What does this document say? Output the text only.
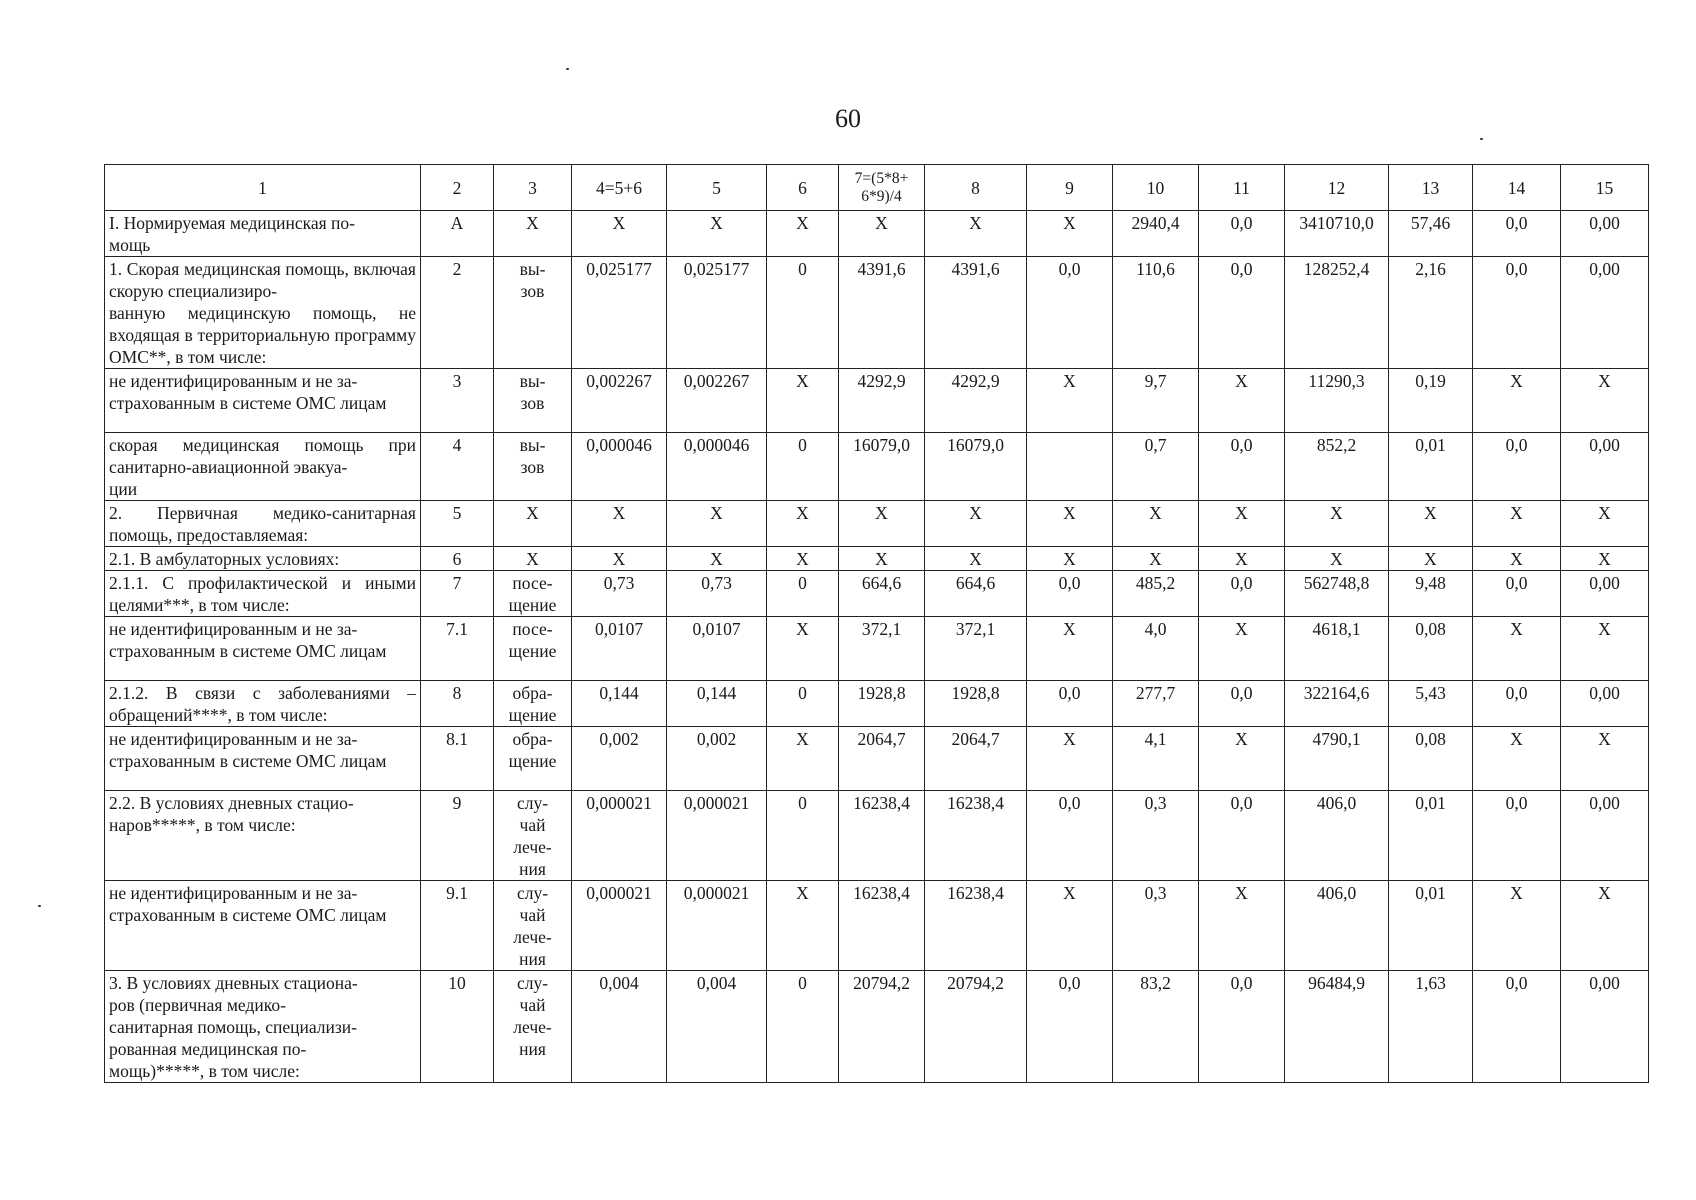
60
1	2	3	4=5+6	5	6	7=(5*8+
6*9)/4	8	9	10	11	12	13	14	15
I. Нормируемая медицинская по-
мощь	А	Х	Х	Х	Х	Х	Х	Х	2940,4	0,0	3410710,0	57,46	0,0	0,00
1. Скорая медицинская помощь, включая скорую специализиро-
ванную медицинскую помощь, не входящая в территориальную программу ОМС**, в том числе:	2	вы-
зов	0,025177	0,025177	0	4391,6	4391,6	0,0	110,6	0,0	128252,4	2,16	0,0	0,00
не идентифицированным и не за-
страхованным в системе ОМС лицам	3	вы-
зов	0,002267	0,002267	Х	4292,9	4292,9	Х	9,7	Х	11290,3	0,19	Х	Х
скорая медицинская помощь при санитарно-авиационной эвакуа-
ции	4	вы-
зов	0,000046	0,000046	0	16079,0	16079,0		0,7	0,0	852,2	0,01	0,0	0,00
2. Первичная медико-санитарная помощь, предоставляемая:	5	Х	Х	Х	Х	Х	Х	Х	Х	Х	Х	Х	Х	Х
2.1. В амбулаторных условиях:	6	Х	Х	Х	Х	Х	Х	Х	Х	Х	Х	Х	Х	Х
2.1.1. С профилактической и иными целями***, в том числе:	7	посе-
щение	0,73	0,73	0	664,6	664,6	0,0	485,2	0,0	562748,8	9,48	0,0	0,00
не идентифицированным и не за-
страхованным в системе ОМС лицам	7.1	посе-
щение	0,0107	0,0107	Х	372,1	372,1	Х	4,0	Х	4618,1	0,08	Х	Х
2.1.2. В связи с заболеваниями – обращений****, в том числе:	8	обра-
щение	0,144	0,144	0	1928,8	1928,8	0,0	277,7	0,0	322164,6	5,43	0,0	0,00
не идентифицированным и не за-
страхованным в системе ОМС лицам	8.1	обра-
щение	0,002	0,002	Х	2064,7	2064,7	Х	4,1	Х	4790,1	0,08	Х	Х
2.2. В условиях дневных стацио-
наров*****, в том числе:	9	слу-
чай
лече-
ния	0,000021	0,000021	0	16238,4	16238,4	0,0	0,3	0,0	406,0	0,01	0,0	0,00
не идентифицированным и не за-
страхованным в системе ОМС лицам	9.1	слу-
чай
лече-
ния	0,000021	0,000021	Х	16238,4	16238,4	Х	0,3	Х	406,0	0,01	Х	Х
3. В условиях дневных стациона-
ров (первичная медико-
санитарная помощь, специализи-
рованная медицинская по-
мощь)*****, в том числе:	10	слу-
чай
лече-
ния	0,004	0,004	0	20794,2	20794,2	0,0	83,2	0,0	96484,9	1,63	0,0	0,00
